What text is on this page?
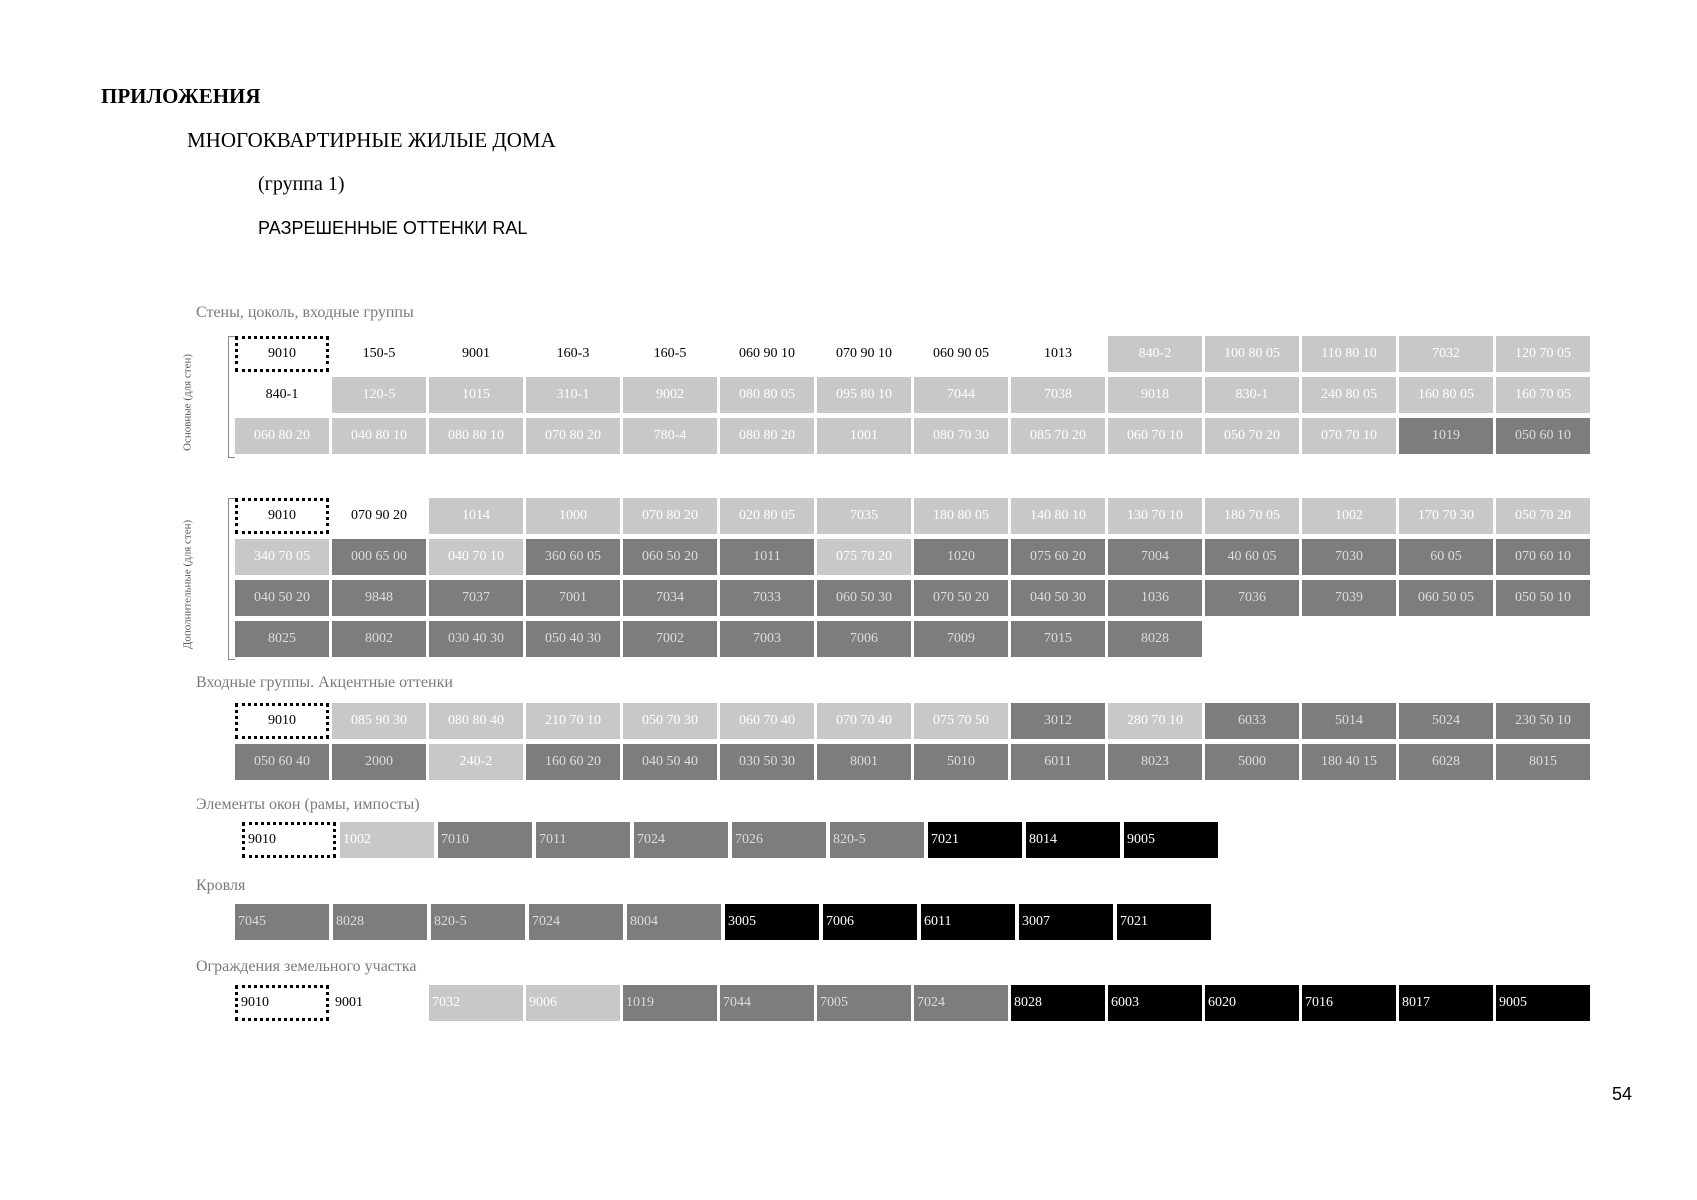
ПРИЛОЖЕНИЯ
МНОГОКВАРТИРНЫЕ ЖИЛЫЕ ДОМА
(группа 1)
РАЗРЕШЕННЫЕ ОТТЕНКИ RAL
Стены, цоколь, входные группы
Основные (для стен)
9010	150-5	9001	160-3	160-5	060 90 10	070 90 10	060 90 05	1013	840-2	100 80 05	110 80 10	7032	120 70 05
840-1	120-5	1015	310-1	9002	080 80 05	095 80 10	7044	7038	9018	830-1	240 80 05	160 80 05	160 70 05
060 80 20	040 80 10	080 80 10	070 80 20	780-4	080 80 20	1001	080 70 30	085 70 20	060 70 10	050 70 20	070 70 10	1019	050 60 10
Дополнительные (для стен)
9010	070 90 20	1014	1000	070 80 20	020 80 05	7035	180 80 05	140 80 10	130 70 10	180 70 05	1002	170 70 30	050 70 20
340 70 05	000 65 00	040 70 10	360 60 05	060 50 20	1011	075 70 20	1020	075 60 20	7004	40 60 05	7030	60 05	070 60 10
040 50 20	9848	7037	7001	7034	7033	060 50 30	070 50 20	040 50 30	1036	7036	7039	060 50 05	050 50 10
8025	8002	030 40 30	050 40 30	7002	7003	7006	7009	7015	8028
Входные группы. Акцентные оттенки
9010	085 90 30	080 80 40	210 70 10	050 70 30	060 70 40	070 70 40	075 70 50	3012	280 70 10	6033	5014	5024	230 50 10
050 60 40	2000	240-2	160 60 20	040 50 40	030 50 30	8001	5010	6011	8023	5000	180 40 15	6028	8015
Элементы окон (рамы, импосты)
9010	1002	7010	7011	7024	7026	820-5	7021	8014	9005
Кровля
7045	8028	820-5	7024	8004	3005	7006	6011	3007	7021
Ограждения земельного участка
9010	9001	7032	9006	1019	7044	7005	7024	8028	6003	6020	7016	8017	9005
54
